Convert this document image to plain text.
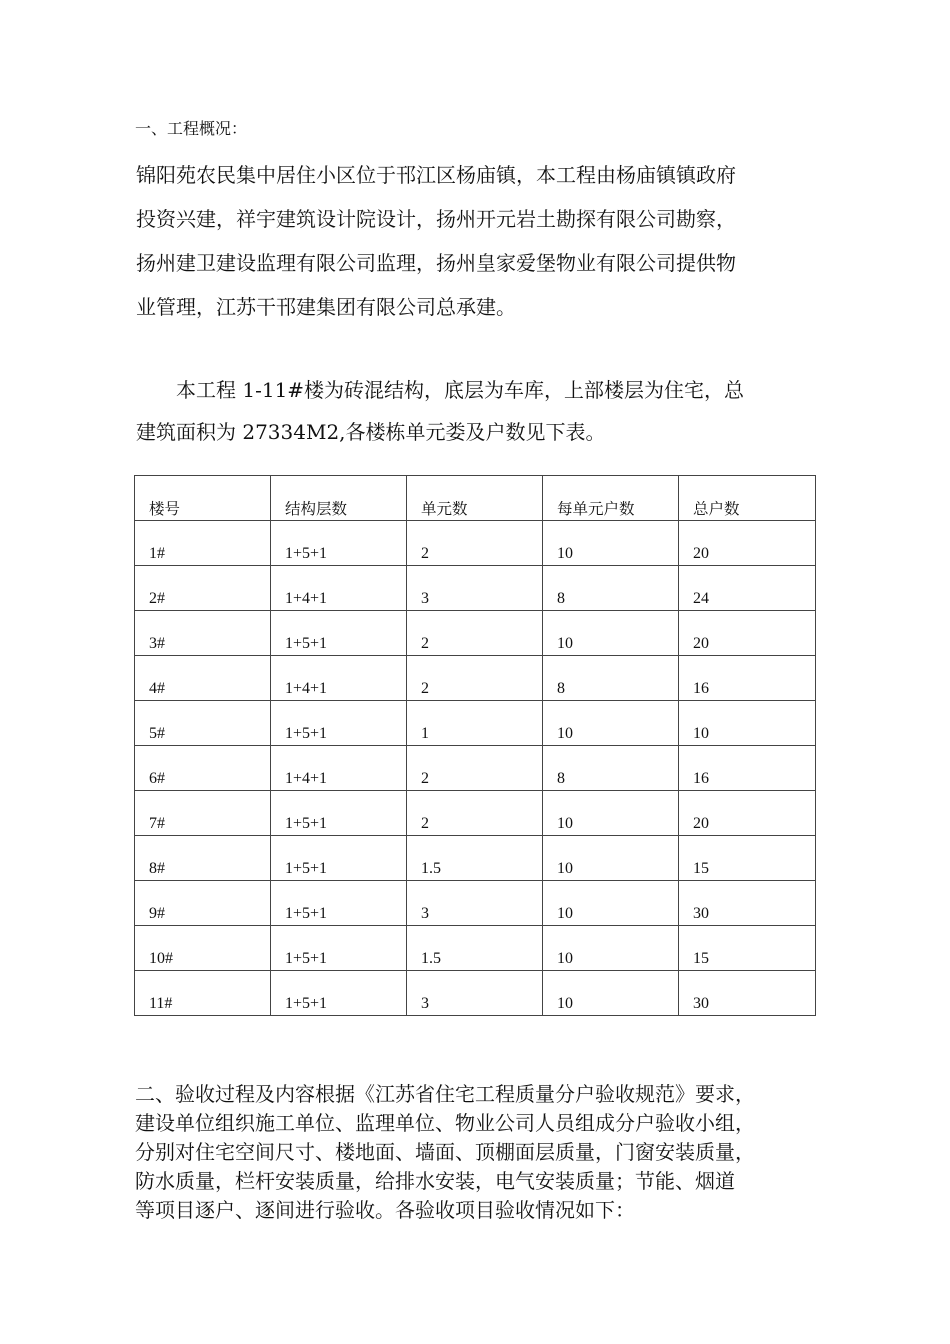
一、工程概况：
锦阳苑农民集中居住小区位于邗江区杨庙镇，本工程由杨庙镇镇政府
投资兴建，祥宇建筑设计院设计，扬州开元岩土勘探有限公司勘察，
扬州建卫建设监理有限公司监理，扬州皇家爱堡物业有限公司提供物
业管理，江苏干邗建集团有限公司总承建。
本工程 1-11#楼为砖混结构，底层为车库，上部楼层为住宅，总
建筑面积为 27334M2,各楼栋单元娄及户数见下表。
楼号	结构层数	单元数	每单元户数	总户数

1#	1+5+1	2	10	20

2#	1+4+1	3	8	24

3#	1+5+1	2	10	20

4#	1+4+1	2	8	16

5#	1+5+1	1	10	10

6#	1+4+1	2	8	16

7#	1+5+1	2	10	20

8#	1+5+1	1.5	10	15

9#	1+5+1	3	10	30

10#	1+5+1	1.5	10	15

11#	1+5+1	3	10	30
二、验收过程及内容根据《江苏省住宅工程质量分户验收规范》要求，
建设单位组织施工单位、监理单位、物业公司人员组成分户验收小组，
分别对住宅空间尺寸、楼地面、墙面、顶棚面层质量，门窗安装质量，
防水质量，栏杆安装质量，给排水安装，电气安装质量；节能、烟道
等项目逐户、逐间进行验收。各验收项目验收情况如下：
